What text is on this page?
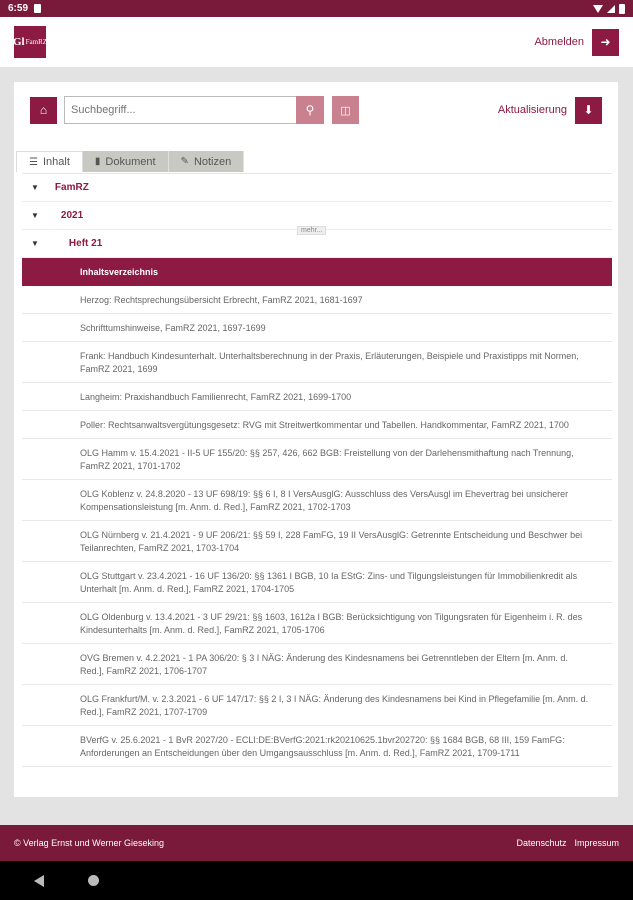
6:59
Gl FamRZ	Abmelden	➜
⌂
Suchbegriff...	⚲	◫	Aktualisierung	⬇
☰ Inhalt	▮ Dokument	✎ Notizen
▼ FamRZ
▼ 2021
mehr...
▼	Heft 21
Inhaltsverzeichnis
Herzog: Rechtsprechungsübersicht Erbrecht, FamRZ 2021, 1681-1697
Schrifttumshinweise, FamRZ 2021, 1697-1699
Frank: Handbuch Kindesunterhalt. Unterhaltsberechnung in der Praxis, Erläuterungen, Beispiele und Praxistipps mit Normen, FamRZ 2021, 1699
Langheim: Praxishandbuch Familienrecht, FamRZ 2021, 1699-1700
Poller: Rechtsanwaltsvergütungsgesetz: RVG mit Streitwertkommentar und Tabellen. Handkommentar, FamRZ 2021, 1700
OLG Hamm v. 15.4.2021 - II-5 UF 155/20: §§ 257, 426, 662 BGB: Freistellung von der Darlehensmithaftung nach Trennung, FamRZ 2021, 1701-1702
OLG Koblenz v. 24.8.2020 - 13 UF 698/19: §§ 6 I, 8 I VersAusglG: Ausschluss des VersAusgl im Ehevertrag bei unsicherer Kompensationsleistung [m. Anm. d. Red.], FamRZ 2021, 1702-1703
OLG Nürnberg v. 21.4.2021 - 9 UF 206/21: §§ 59 I, 228 FamFG, 19 II VersAusglG: Getrennte Entscheidung und Beschwer bei Teilanrechten, FamRZ 2021, 1703-1704
OLG Stuttgart v. 23.4.2021 - 16 UF 136/20: §§ 1361 I BGB, 10 Ia EStG: Zins- und Tilgungsleistungen für Immobilienkredit als Unterhalt [m. Anm. d. Red.], FamRZ 2021, 1704-1705
OLG Oldenburg v. 13.4.2021 - 3 UF 29/21: §§ 1603, 1612a I BGB: Berücksichtigung von Tilgungsraten für Eigenheim i. R. des Kindesunterhalts [m. Anm. d. Red.], FamRZ 2021, 1705-1706
OVG Bremen v. 4.2.2021 - 1 PA 306/20: § 3 I NÄG: Änderung des Kindesnamens bei Getrenntleben der Eltern [m. Anm. d. Red.], FamRZ 2021, 1706-1707
OLG Frankfurt/M. v. 2.3.2021 - 6 UF 147/17: §§ 2 I, 3 I NÄG: Änderung des Kindesnamens bei Kind in Pflegefamilie [m. Anm. d. Red.], FamRZ 2021, 1707-1709
BVerfG v. 25.6.2021 - 1 BvR 2027/20 - ECLI:DE:BVerfG:2021:rk20210625.1bvr202720: §§ 1684 BGB, 68 III, 159 FamFG: Anforderungen an Entscheidungen über den Umgangsausschluss [m. Anm. d. Red.], FamRZ 2021, 1709-1711
© Verlag Ernst und Werner Gieseking	Datenschutz Impressum
